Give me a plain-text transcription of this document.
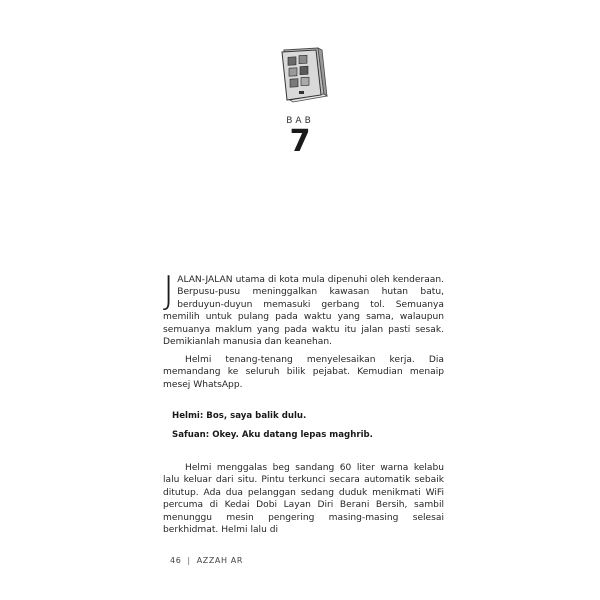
BAB
7
J ALAN-JALAN utama di kota mula dipenuhi oleh kenderaan. Berpusu-pusu meninggalkan kawasan hutan batu, berduyun-duyun memasuki gerbang tol. Semuanya memilih untuk pulang pada waktu yang sama, walaupun semuanya maklum yang pada waktu itu jalan pasti sesak. Demikianlah manusia dan keanehan.

Helmi tenang-tenang menyelesaikan kerja. Dia memandang ke seluruh bilik pejabat. Kemudian menaip mesej WhatsApp.

Helmi: Bos, saya balik dulu.
Safuan: Okey. Aku datang lepas maghrib.

Helmi menggalas beg sandang 60 liter warna kelabu lalu keluar dari situ. Pintu terkunci secara automatik sebaik ditutup. Ada dua pelanggan sedang duduk menikmati WiFi percuma di Kedai Dobi Layan Diri Berani Bersih, sambil menunggu mesin pengering masing-masing selesai berkhidmat. Helmi lalu di

46 | AZZAH AR
